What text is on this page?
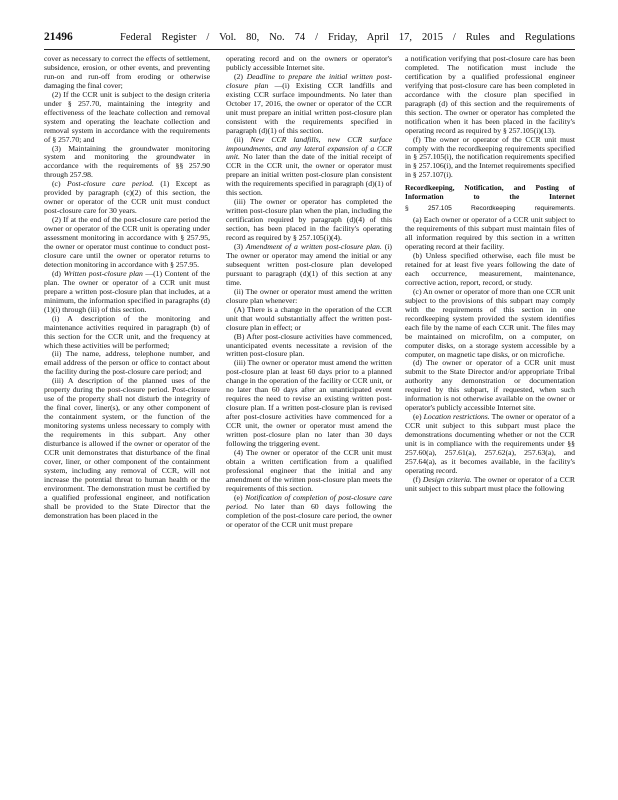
21496	Federal Register / Vol. 80, No. 74 / Friday, April 17, 2015 / Rules and Regulations

cover as necessary to correct the effects of settlement, subsidence, erosion, or other events, and preventing run-on and run-off from eroding or otherwise damaging the final cover;

(2) If the CCR unit is subject to the design criteria under § 257.70, maintaining the integrity and effectiveness of the leachate collection and removal system and operating the leachate collection and removal system in accordance with the requirements of § 257.70; and

(3) Maintaining the groundwater monitoring system and monitoring the groundwater in accordance with the requirements of §§ 257.90 through 257.98.

(c) Post-closure care period. (1) Except as provided by paragraph (c)(2) of this section, the owner or operator of the CCR unit must conduct post-closure care for 30 years.

(2) If at the end of the post-closure care period the owner or operator of the CCR unit is operating under assessment monitoring in accordance with § 257.95, the owner or operator must continue to conduct post-closure care until the owner or operator returns to detection monitoring in accordance with § 257.95.

(d) Written post-closure plan —(1) Content of the plan. The owner or operator of a CCR unit must prepare a written post-closure plan that includes, at a minimum, the information specified in paragraphs (d)(1)(i) through (iii) of this section.

(i) A description of the monitoring and maintenance activities required in paragraph (b) of this section for the CCR unit, and the frequency at which these activities will be performed;

(ii) The name, address, telephone number, and email address of the person or office to contact about the facility during the post-closure care period; and

(iii) A description of the planned uses of the property during the post-closure period. Post-closure use of the property shall not disturb the integrity of the final cover, liner(s), or any other component of the containment system, or the function of the monitoring systems unless necessary to comply with the requirements in this subpart. Any other disturbance is allowed if the owner or operator of the CCR unit demonstrates that disturbance of the final cover, liner, or other component of the containment system, including any removal of CCR, will not increase the potential threat to human health or the environment. The demonstration must be certified by a qualified professional engineer, and notification shall be provided to the State Director that the demonstration has been placed in the

operating record and on the owners or operator's publicly accessible Internet site.

(2) Deadline to prepare the initial written post-closure plan —(i) Existing CCR landfills and existing CCR surface impoundments. No later than October 17, 2016, the owner or operator of the CCR unit must prepare an initial written post-closure plan consistent with the requirements specified in paragraph (d)(1) of this section.

(ii) New CCR landfills, new CCR surface impoundments, and any lateral expansion of a CCR unit. No later than the date of the initial receipt of CCR in the CCR unit, the owner or operator must prepare an initial written post-closure plan consistent with the requirements specified in paragraph (d)(1) of this section.

(iii) The owner or operator has completed the written post-closure plan when the plan, including the certification required by paragraph (d)(4) of this section, has been placed in the facility's operating record as required by § 257.105(i)(4).

(3) Amendment of a written post-closure plan. (i) The owner or operator may amend the initial or any subsequent written post-closure plan developed pursuant to paragraph (d)(1) of this section at any time.

(ii) The owner or operator must amend the written closure plan whenever:

(A) There is a change in the operation of the CCR unit that would substantially affect the written post-closure plan in effect; or

(B) After post-closure activities have commenced, unanticipated events necessitate a revision of the written post-closure plan.

(iii) The owner or operator must amend the written post-closure plan at least 60 days prior to a planned change in the operation of the facility or CCR unit, or no later than 60 days after an unanticipated event requires the need to revise an existing written post-closure plan. If a written post-closure plan is revised after post-closure activities have commenced for a CCR unit, the owner or operator must amend the written post-closure plan no later than 30 days following the triggering event.

(4) The owner or operator of the CCR unit must obtain a written certification from a qualified professional engineer that the initial and any amendment of the written post-closure plan meets the requirements of this section.

(e) Notification of completion of post-closure care period. No later than 60 days following the completion of the post-closure care period, the owner or operator of the CCR unit must prepare

a notification verifying that post-closure care has been completed. The notification must include the certification by a qualified professional engineer verifying that post-closure care has been completed in accordance with the closure plan specified in paragraph (d) of this section and the requirements of this section. The owner or operator has completed the notification when it has been placed in the facility's operating record as required by § 257.105(i)(13).

(f) The owner or operator of the CCR unit must comply with the recordkeeping requirements specified in § 257.105(i), the notification requirements specified in § 257.106(i), and the Internet requirements specified in § 257.107(i).

Recordkeeping, Notification, and Posting of Information to the Internet

§ 257.105 Recordkeeping requirements.

(a) Each owner or operator of a CCR unit subject to the requirements of this subpart must maintain files of all information required by this section in a written operating record at their facility.

(b) Unless specified otherwise, each file must be retained for at least five years following the date of each occurrence, measurement, maintenance, corrective action, report, record, or study.

(c) An owner or operator of more than one CCR unit subject to the provisions of this subpart may comply with the requirements of this section in one recordkeeping system provided the system identifies each file by the name of each CCR unit. The files may be maintained on microfilm, on a computer, on computer disks, on a storage system accessible by a computer, on magnetic tape disks, or on microfiche.

(d) The owner or operator of a CCR unit must submit to the State Director and/or appropriate Tribal authority any demonstration or documentation required by this subpart, if requested, when such information is not otherwise available on the owner or operator's publicly accessible Internet site.

(e) Location restrictions. The owner or operator of a CCR unit subject to this subpart must place the demonstrations documenting whether or not the CCR unit is in compliance with the requirements under §§ 257.60(a), 257.61(a), 257.62(a), 257.63(a), and 257.64(a), as it becomes available, in the facility's operating record.

(f) Design criteria. The owner or operator of a CCR unit subject to this subpart must place the following
